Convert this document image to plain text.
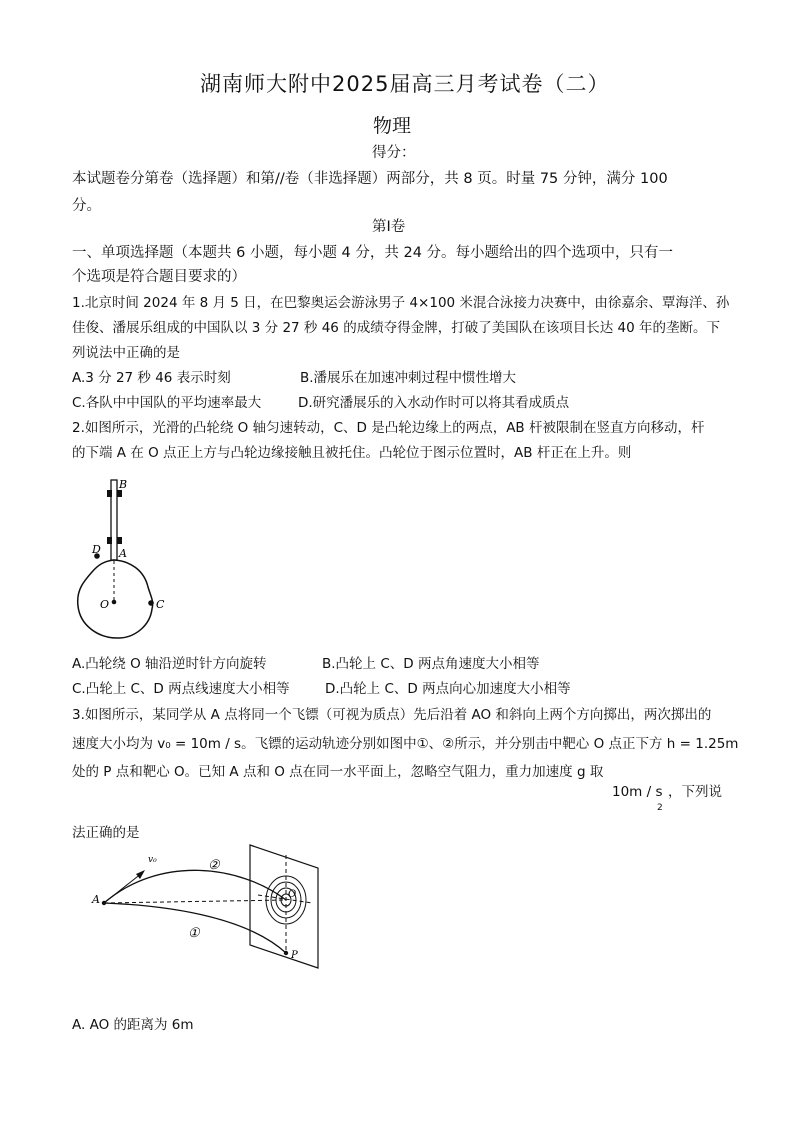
湖南师大附中2025届高三月考试卷（二）
物理
得分：
本试题卷分第卷（选择题）和第//卷（非选择题）两部分，共 8 页。时量 75 分钟，满分 100
分。
第Ⅰ卷
一、单项选择题（本题共 6 小题，每小题 4 分，共 24 分。每小题给出的四个选项中，只有一
个选项是符合题目要求的）
1.北京时间 2024 年 8 月 5 日，在巴黎奥运会游泳男子 4×100 米混合泳接力决赛中，由徐嘉余、覃海洋、孙
佳俊、潘展乐组成的中国队以 3 分 27 秒 46 的成绩夺得金牌，打破了美国队在该项目长达 40 年的垄断。下
列说法中正确的是
A.3 分 27 秒 46 表示时刻	B.潘展乐在加速冲刺过程中惯性增大
C.各队中中国队的平均速率最大	D.研究潘展乐的入水动作时可以将其看成质点
2.如图所示，光滑的凸轮绕 O 轴匀速转动，C、D 是凸轮边缘上的两点，AB 杆被限制在竖直方向移动，杆
的下端 A 在 O 点正上方与凸轮边缘接触且被托住。凸轮位于图示位置时，AB 杆正在上升。则
B
D A
O	C
A.凸轮绕 O 轴沿逆时针方向旋转	B.凸轮上 C、D 两点角速度大小相等
C.凸轮上 C、D 两点线速度大小相等	D.凸轮上 C、D 两点向心加速度大小相等
3.如图所示，某同学从 A 点将同一个飞镖（可视为质点）先后沿着 AO 和斜向上两个方向掷出，两次掷出的
速度大小均为 v₀ = 10m / s。飞镖的运动轨迹分别如图中①、②所示，并分别击中靶心 O 点正下方 h = 1.25m
处的 P 点和靶心 O。已知 A 点和 O 点在同一水平面上，忽略空气阻力，重力加速度 g 取
10m / s
2
，下列说
法正确的是
v₀	②
A	O
①
P
A. AO 的距离为 6m
